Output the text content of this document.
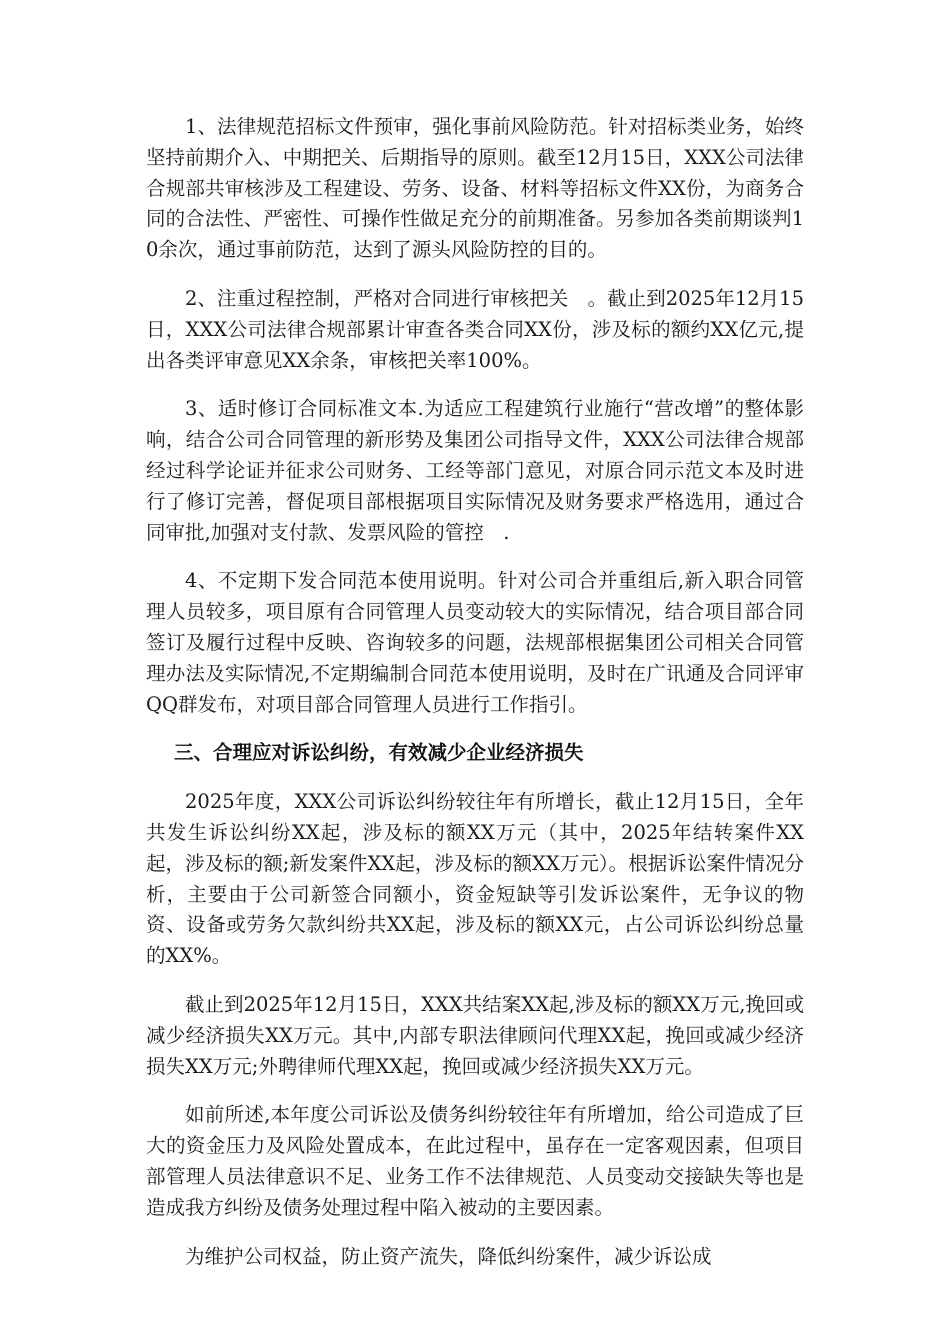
1、法律规范招标文件预审，强化事前风险防范。针对招标类业务，始终坚持前期介入、中期把关、后期指导的原则。截至12月15日，XXX公司法律合规部共审核涉及工程建设、劳务、设备、材料等招标文件XX份，为商务合同的合法性、严密性、可操作性做足充分的前期准备。另参加各类前期谈判10余次，通过事前防范，达到了源头风险防控的目的。

2、注重过程控制，严格对合同进行审核把关　。截止到2025年12月15日，XXX公司法律合规部累计审查各类合同XX份，涉及标的额约XX亿元,提出各类评审意见XX余条，审核把关率100%。

3、适时修订合同标准文本.为适应工程建筑行业施行“营改增”的整体影响，结合公司合同管理的新形势及集团公司指导文件，XXX公司法律合规部经过科学论证并征求公司财务、工经等部门意见，对原合同示范文本及时进行了修订完善，督促项目部根据项目实际情况及财务要求严格选用，通过合同审批,加强对支付款、发票风险的管控　.

4、不定期下发合同范本使用说明。针对公司合并重组后,新入职合同管理人员较多，项目原有合同管理人员变动较大的实际情况，结合项目部合同签订及履行过程中反映、咨询较多的问题，法规部根据集团公司相关合同管理办法及实际情况,不定期编制合同范本使用说明，及时在广讯通及合同评审QQ群发布，对项目部合同管理人员进行工作指引。

三、合理应对诉讼纠纷，有效减少企业经济损失

2025年度，XXX公司诉讼纠纷较往年有所增长，截止12月15日，全年共发生诉讼纠纷XX起，涉及标的额XX万元（其中，2025年结转案件XX起，涉及标的额;新发案件XX起，涉及标的额XX万元）。根据诉讼案件情况分析，主要由于公司新签合同额小，资金短缺等引发诉讼案件，无争议的物资、设备或劳务欠款纠纷共XX起，涉及标的额XX元，占公司诉讼纠纷总量的XX%。

截止到2025年12月15日，XXX共结案XX起,涉及标的额XX万元,挽回或减少经济损失XX万元。其中,内部专职法律顾问代理XX起，挽回或减少经济损失XX万元;外聘律师代理XX起，挽回或减少经济损失XX万元。

如前所述,本年度公司诉讼及债务纠纷较往年有所增加，给公司造成了巨大的资金压力及风险处置成本，在此过程中，虽存在一定客观因素，但项目部管理人员法律意识不足、业务工作不法律规范、人员变动交接缺失等也是造成我方纠纷及债务处理过程中陷入被动的主要因素。

为维护公司权益，防止资产流失，降低纠纷案件，减少诉讼成
